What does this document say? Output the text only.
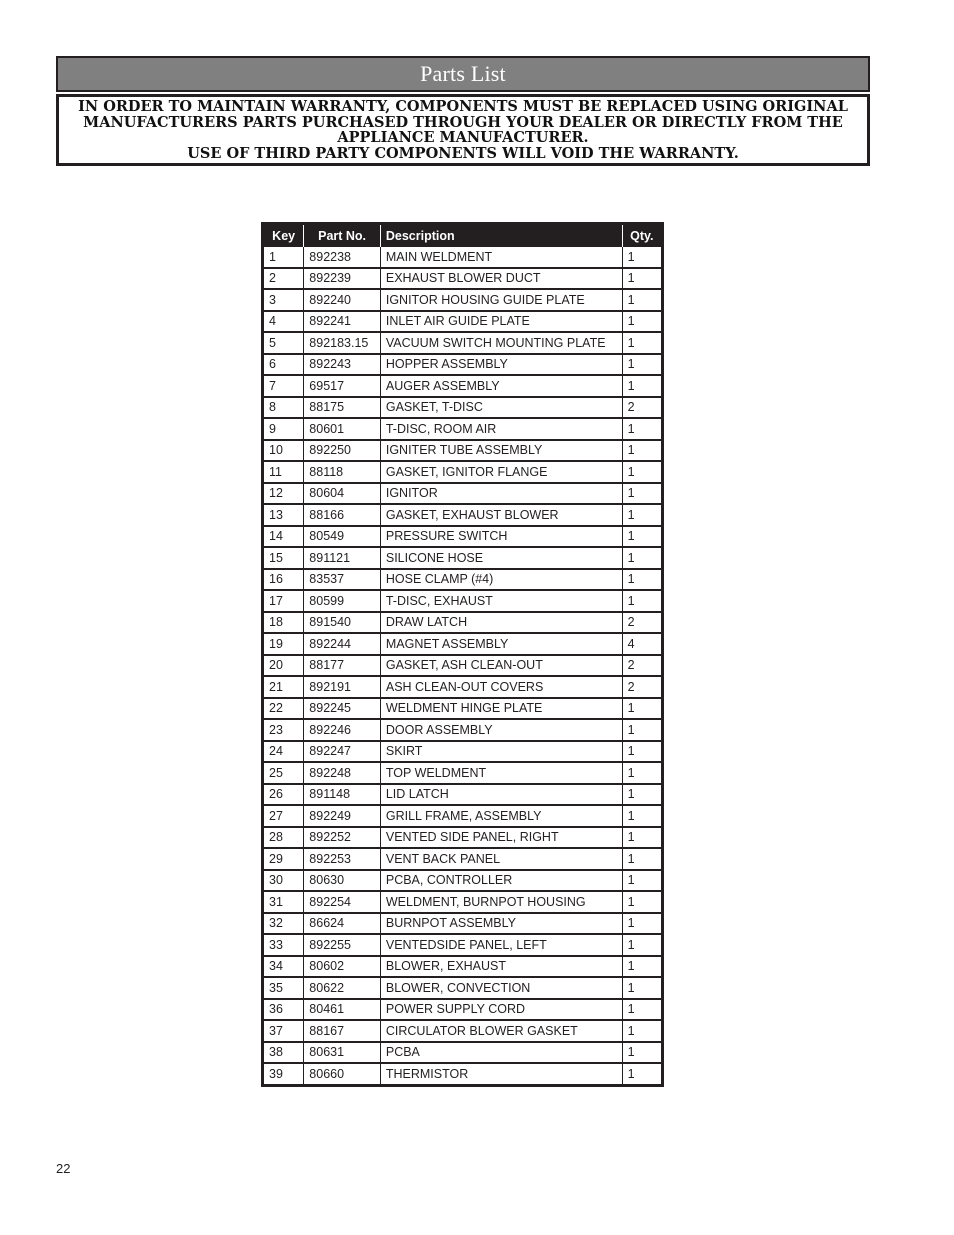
Parts List
IN ORDER TO MAINTAIN WARRANTY, COMPONENTS MUST BE REPLACED USING ORIGINAL
MANUFACTURERS PARTS PURCHASED THROUGH YOUR DEALER OR DIRECTLY FROM THE
APPLIANCE MANUFACTURER.
USE OF THIRD PARTY COMPONENTS WILL VOID THE WARRANTY.
Key	Part No.	Description	Qty.
1	892238	MAIN WELDMENT	1
2	892239	EXHAUST BLOWER DUCT	1
3	892240	IGNITOR HOUSING GUIDE PLATE	1
4	892241	INLET AIR GUIDE PLATE	1
5	892183.15	VACUUM SWITCH MOUNTING PLATE	1
6	892243	HOPPER ASSEMBLY	1
7	69517	AUGER ASSEMBLY	1
8	88175	GASKET, T-DISC	2
9	80601	T-DISC, ROOM AIR	1
10	892250	IGNITER TUBE ASSEMBLY	1
11	88118	GASKET, IGNITOR FLANGE	1
12	80604	IGNITOR	1
13	88166	GASKET, EXHAUST BLOWER	1
14	80549	PRESSURE SWITCH	1
15	891121	SILICONE HOSE	1
16	83537	HOSE CLAMP (#4)	1
17	80599	T-DISC, EXHAUST	1
18	891540	DRAW LATCH	2
19	892244	MAGNET ASSEMBLY	4
20	88177	GASKET, ASH CLEAN-OUT	2
21	892191	ASH CLEAN-OUT COVERS	2
22	892245	WELDMENT HINGE PLATE	1
23	892246	DOOR ASSEMBLY	1
24	892247	SKIRT	1
25	892248	TOP WELDMENT	1
26	891148	LID LATCH	1
27	892249	GRILL FRAME, ASSEMBLY	1
28	892252	VENTED SIDE PANEL, RIGHT	1
29	892253	VENT BACK PANEL	1
30	80630	PCBA, CONTROLLER	1
31	892254	WELDMENT, BURNPOT HOUSING	1
32	86624	BURNPOT ASSEMBLY	1
33	892255	VENTEDSIDE PANEL, LEFT	1
34	80602	BLOWER, EXHAUST	1
35	80622	BLOWER, CONVECTION	1
36	80461	POWER SUPPLY CORD	1
37	88167	CIRCULATOR BLOWER GASKET	1
38	80631	PCBA	1
39	80660	THERMISTOR	1
22
